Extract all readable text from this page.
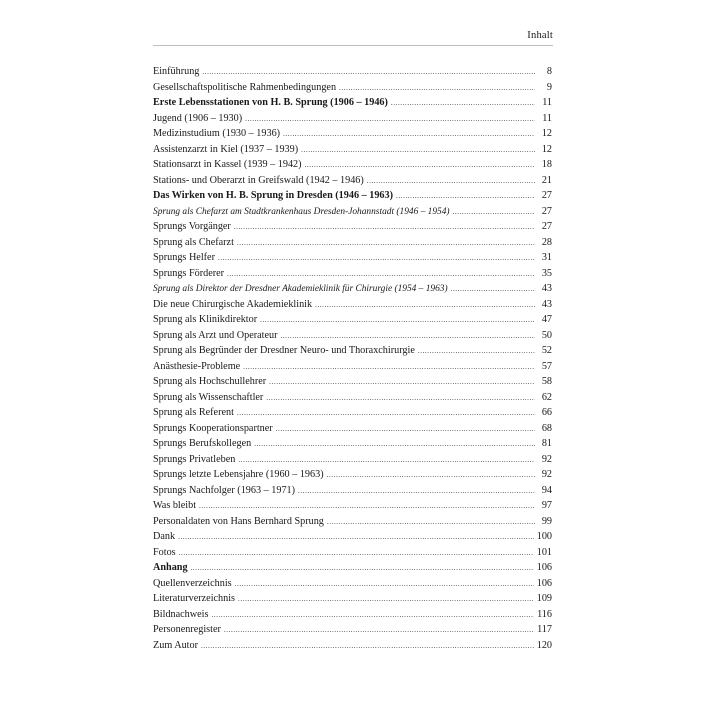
Inhalt
Einführung .....	8
Gesellschaftspolitische Rahmenbedingungen .....	9
Erste Lebensstationen von H. B. Sprung (1906 – 1946) .....	11
Jugend (1906 – 1930) .....	11
Medizinstudium (1930 – 1936) .....	12
Assistenzarzt in Kiel (1937 – 1939) .....	12
Stationsarzt in Kassel (1939 – 1942) .....	18
Stations- und Oberarzt in Greifswald (1942 – 1946) .....	21
Das Wirken von H. B. Sprung in Dresden (1946 – 1963) .....	27
Sprung als Chefarzt am Stadtkrankenhaus Dresden-Johannstadt (1946 – 1954) .....	27
Sprungs Vorgänger .....	27
Sprung als Chefarzt .....	28
Sprungs Helfer .....	31
Sprungs Förderer .....	35
Sprung als Direktor der Dresdner Akademieklinik für Chirurgie (1954 – 1963) .....	43
Die neue Chirurgische Akademieklinik .....	43
Sprung als Klinikdirektor .....	47
Sprung als Arzt und Operateur .....	50
Sprung als Begründer der Dresdner Neuro- und Thoraxchirurgie .....	52
Anästhesie-Probleme .....	57
Sprung als Hochschullehrer .....	58
Sprung als Wissenschaftler .....	62
Sprung als Referent .....	66
Sprungs Kooperationspartner .....	68
Sprungs Berufskollegen .....	81
Sprungs Privatleben .....	92
Sprungs letzte Lebensjahre (1960 – 1963) .....	92
Sprungs Nachfolger (1963 – 1971) .....	94
Was bleibt .....	97
Personaldaten von Hans Bernhard Sprung .....	99
Dank .....	100
Fotos .....	101
Anhang .....	106
Quellenverzeichnis .....	106
Literaturverzeichnis .....	109
Bildnachweis .....	116
Personenregister .....	117
Zum Autor .....	120
